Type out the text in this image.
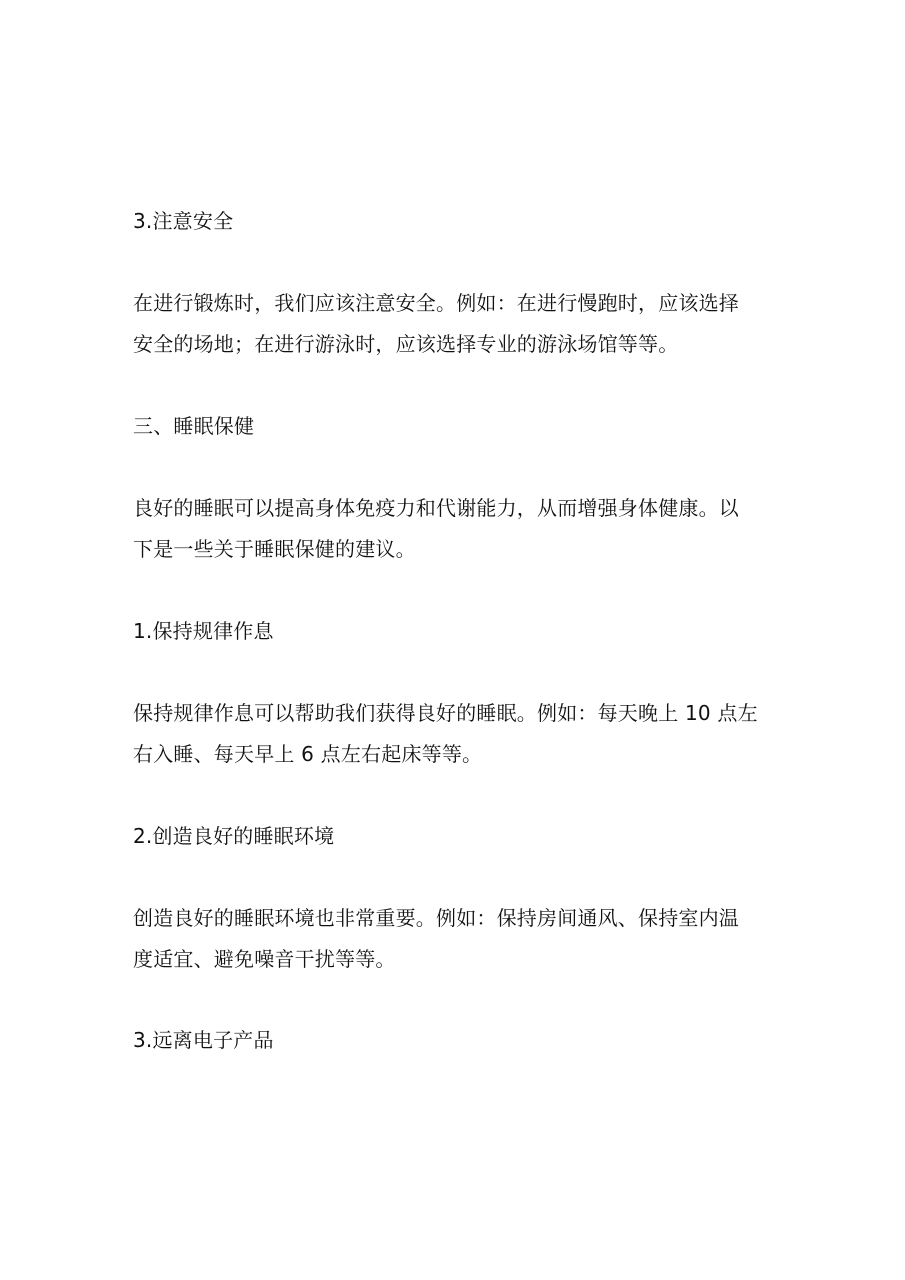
3.注意安全
在进行锻炼时，我们应该注意安全。例如：在进行慢跑时，应该选择
安全的场地；在进行游泳时，应该选择专业的游泳场馆等等。
三、睡眠保健
良好的睡眠可以提高身体免疫力和代谢能力，从而增强身体健康。以
下是一些关于睡眠保健的建议。
1.保持规律作息
保持规律作息可以帮助我们获得良好的睡眠。例如：每天晚上 10 点左
右入睡、每天早上 6 点左右起床等等。
2.创造良好的睡眠环境
创造良好的睡眠环境也非常重要。例如：保持房间通风、保持室内温
度适宜、避免噪音干扰等等。
3.远离电子产品
